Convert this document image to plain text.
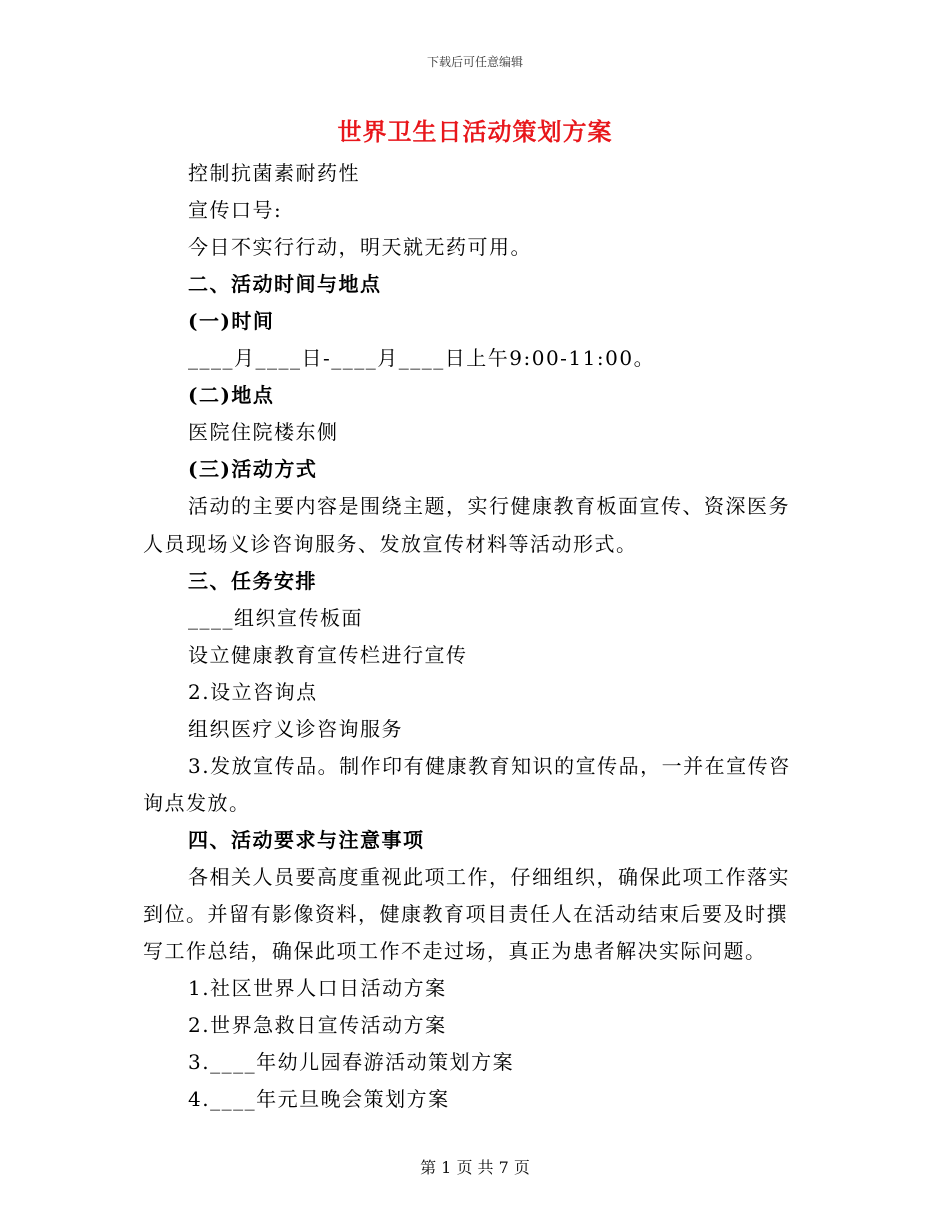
下载后可任意编辑
世界卫生日活动策划方案
控制抗菌素耐药性
宣传口号:
今日不实行行动，明天就无药可用。
二、活动时间与地点
(一)时间
____月____日-____月____日上午9:00-11:00。
(二)地点
医院住院楼东侧
(三)活动方式
活动的主要内容是围绕主题，实行健康教育板面宣传、资深医务
人员现场义诊咨询服务、发放宣传材料等活动形式。
三、任务安排
____组织宣传板面
设立健康教育宣传栏进行宣传
2.设立咨询点
组织医疗义诊咨询服务
3.发放宣传品。制作印有健康教育知识的宣传品，一并在宣传咨
询点发放。
四、活动要求与注意事项
各相关人员要高度重视此项工作，仔细组织，确保此项工作落实
到位。并留有影像资料，健康教育项目责任人在活动结束后要及时撰
写工作总结，确保此项工作不走过场，真正为患者解决实际问题。
1.社区世界人口日活动方案
2.世界急救日宣传活动方案
3.____年幼儿园春游活动策划方案
4.____年元旦晚会策划方案
第 1 页 共 7 页
